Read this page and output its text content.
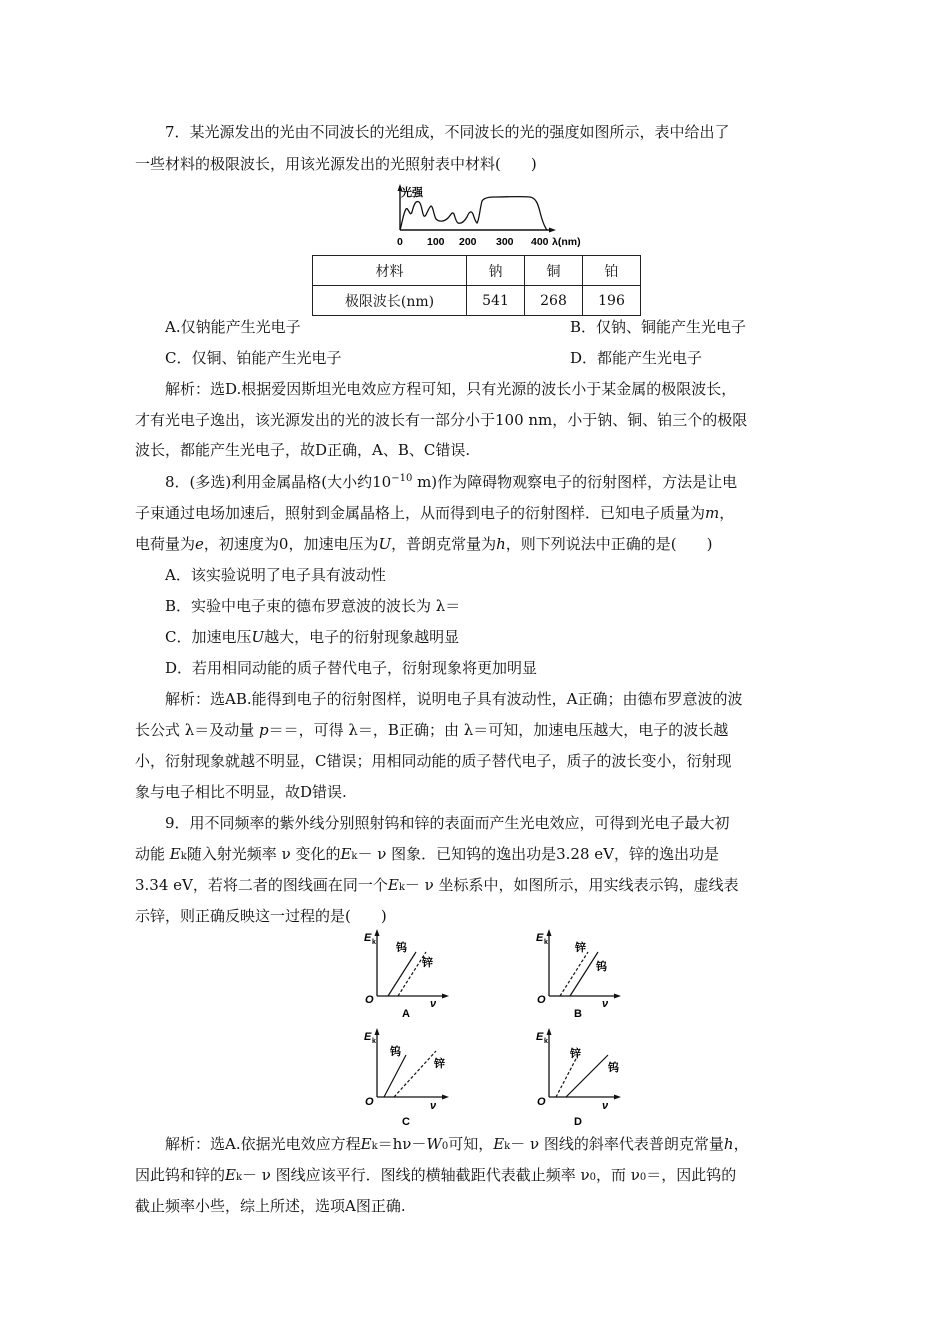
7．某光源发出的光由不同波长的光组成，不同波长的光的强度如图所示，表中给出了
一些材料的极限波长，用该光源发出的光照射表中材料(　　)
光强
0 100 200 300 400 λ(nm)
材料	钠	铜	铂
极限波长(nm)	541	268	196
A.仅钠能产生光电子	B．仅钠、铜能产生光电子
C．仅铜、铂能产生光电子	D．都能产生光电子
解析：选D.根据爱因斯坦光电效应方程可知，只有光源的波长小于某金属的极限波长，
才有光电子逸出，该光源发出的光的波长有一部分小于100 nm，小于钠、铜、铂三个的极限
波长，都能产生光电子，故D正确，A、B、C错误.
8．(多选)利用金属晶格(大小约$10^{-10}$ m)作为障碍物观察电子的衍射图样，方法是让电
子束通过电场加速后，照射到金属晶格上，从而得到电子的衍射图样．已知电子质量为m，
电荷量为e，初速度为0，加速电压为U，普朗克常量为h，则下列说法中正确的是(　　)
A．该实验说明了电子具有波动性
B．实验中电子束的德布罗意波的波长为 λ＝
C．加速电压U越大，电子的衍射现象越明显
D．若用相同动能的质子替代电子，衍射现象将更加明显
解析：选AB.能得到电子的衍射图样，说明电子具有波动性，A正确；由德布罗意波的波
长公式 λ＝及动量 p＝＝，可得 λ＝，B正确；由 λ＝可知，加速电压越大，电子的波长越
小，衍射现象就越不明显，C错误；用相同动能的质子替代电子，质子的波长变小，衍射现
象与电子相比不明显，故D错误.
9．用不同频率的紫外线分别照射钨和锌的表面而产生光电效应，可得到光电子最大初
动能 Ek随入射光频率 ν 变化的Ek－ ν 图象．已知钨的逸出功是3.28 eV，锌的逸出功是
3.34 eV，若将二者的图线画在同一个Ek－ ν 坐标系中，如图所示，用实线表示钨，虚线表
示锌，则正确反映这一过程的是(　　)
E k
O	ν
钨
锌
A
E k
O	ν
锌
钨
B
E k
O	ν
钨
锌
C
E k
O	ν
锌
钨
D
解析：选A.依据光电效应方程Ek＝hν－W0可知，Ek－ ν 图线的斜率代表普朗克常量h，
因此钨和锌的Ek－ ν 图线应该平行．图线的横轴截距代表截止频率 ν0，而 ν0＝，因此钨的
截止频率小些，综上所述，选项A图正确.
